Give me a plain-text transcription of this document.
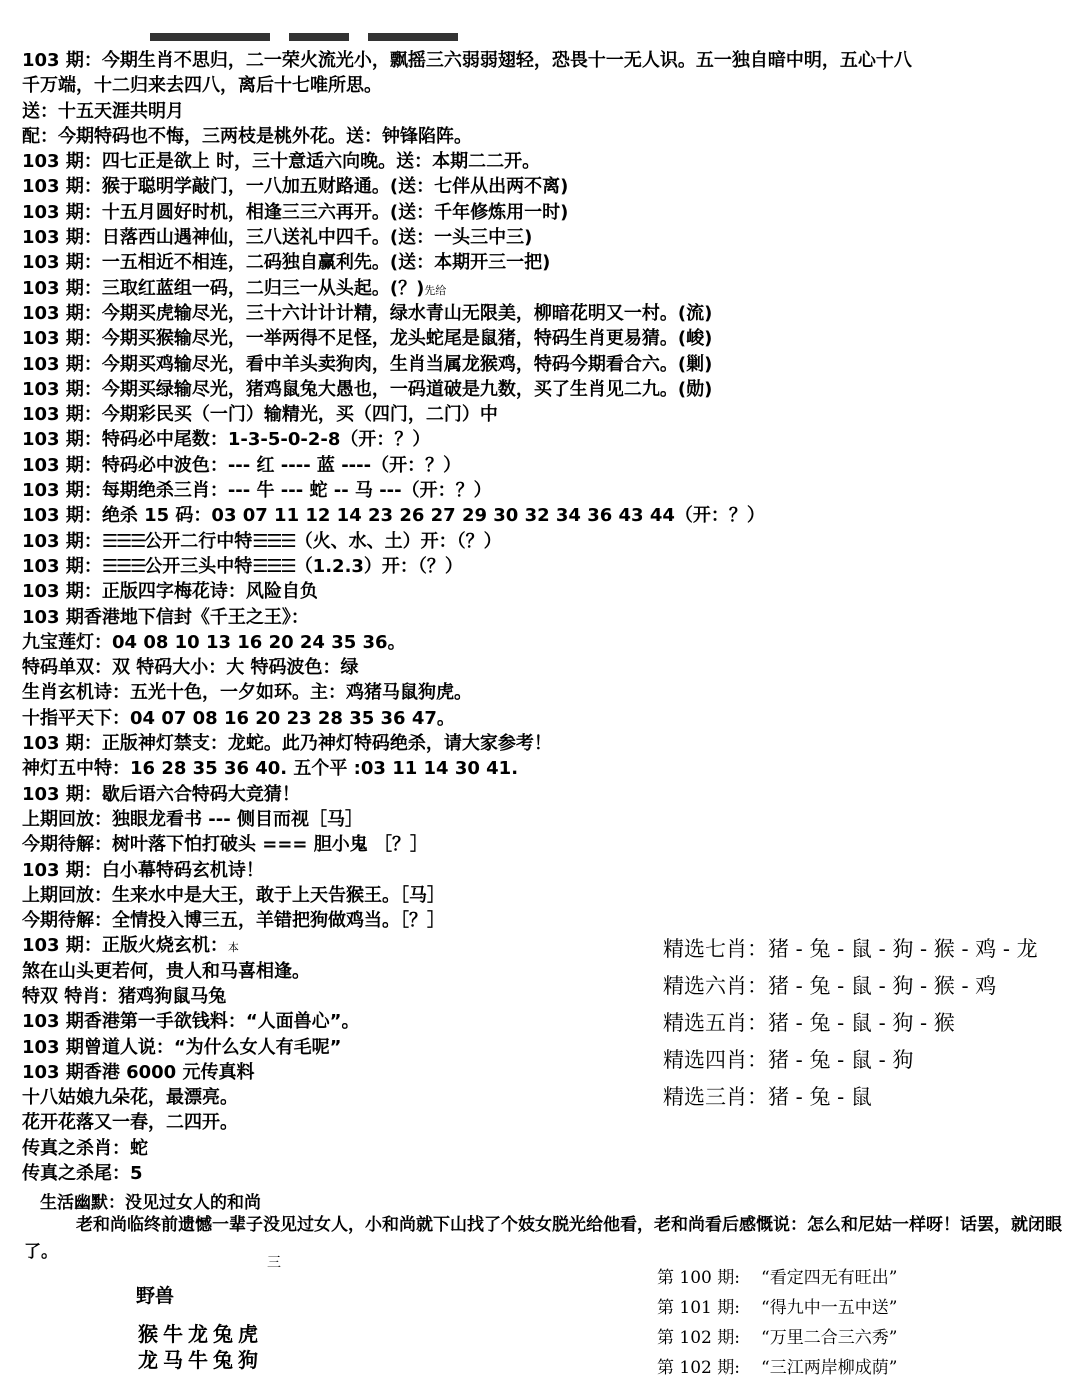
103 期：今期生肖不思归，二一荣火流光小，飘摇三六弱弱翅轻，恐畏十一无人识。五一独自暗中明，五心十八
千万端，十二归来去四八，离后十七唯所思。
送：十五天涯共明月
配：今期特码也不悔，三两枝是桃外花。送：钟锋陷阵。
103 期：四七正是欲上 时，三十意适六向晚。送：本期二二开。
103 期：猴于聪明学敲门，一八加五财路通。(送：七伴从出两不离)
103 期：十五月圆好时机，相逢三三六再开。(送：千年修炼用一时)
103 期：日落西山遇神仙，三八送礼中四千。(送：一头三中三)
103 期：一五相近不相连，二码独自赢利先。(送：本期开三一把)
103 期：三取红蓝组一码，二归三一从头起。(？)先给
103 期：今期买虎输尽光，三十六计计计精，绿水青山无限美，柳暗花明又一村。(流)
103 期：今期买猴输尽光，一举两得不足怪，龙头蛇尾是鼠猪，特码生肖更易猜。(峻)
103 期：今期买鸡输尽光，看中羊头卖狗肉，生肖当属龙猴鸡，特码今期看合六。(剿)
103 期：今期买绿输尽光，猪鸡鼠兔大愚也，一码道破是九数，买了生肖见二九。(勋)
103 期：今期彩民买（一门）输精光，买（四门，二门）中
103 期：特码必中尾数：1-3-5-0-2-8（开：？）
103 期：特码必中波色：--- 红 ---- 蓝 ----（开：？）
103 期：每期绝杀三肖：--- 牛 --- 蛇 -- 马 ---（开：？）
103 期：绝杀 15 码：03 07 11 12 14 23 26 27 29 30 32 34 36 43 44（开：？）
103 期：☰☰☰公开二行中特☰☰☰（火、水、土）开：（？）
103 期：☰☰☰公开三头中特☰☰☰（1.2.3）开：（？）
103 期：正版四字梅花诗：风险自负
103 期香港地下信封《千王之王》：
九宝莲灯：04 08 10 13 16 20 24 35 36。
特码单双：双 特码大小：大 特码波色：绿
生肖玄机诗：五光十色，一夕如环。主：鸡猪马鼠狗虎。
十指平天下：04 07 08 16 20 23 28 35 36 47。
103 期：正版神灯禁支：龙蛇。此乃神灯特码绝杀，请大家参考！
神灯五中特：16 28 35 36 40. 五个平 :03 11 14 30 41.
103 期：歇后语六合特码大竞猜！
上期回放：独眼龙看书 --- 侧目而视［马］
今期待解：树叶落下怕打破头 === 胆小鬼 ［？］
103 期：白小幕特码玄机诗！
上期回放：生来水中是大王，敢于上天告猴王。［马］
今期待解：全情投入博三五，羊错把狗做鸡当。［？］
103 期：正版火烧玄机：本
煞在山头更若何，贵人和马喜相逢。
特双 特肖：猪鸡狗鼠马兔
103 期香港第一手欲钱料：“人面兽心”。
103 期曾道人说：“为什么女人有毛呢”
103 期香港 6000 元传真料
十八姑娘九朵花，最漂亮。
花开花落又一春，二四开。
传真之杀肖：蛇
传真之杀尾：5
精选七肖：猪 - 兔 - 鼠 - 狗 - 猴 - 鸡 - 龙
精选六肖：猪 - 兔 - 鼠 - 狗 - 猴 - 鸡
精选五肖：猪 - 兔 - 鼠 - 狗 - 猴
精选四肖：猪 - 兔 - 鼠 - 狗
精选三肖：猪 - 兔 - 鼠
生活幽默：没见过女人的和尚
老和尚临终前遗憾一辈子没见过女人，小和尚就下山找了个妓女脱光给他看，老和尚看后感慨说：怎么和尼姑一样呀！话罢，就闭眼了。
三
野兽
猴牛龙兔虎
龙马牛兔狗
第 100 期: “看定四无有旺出”
第 101 期: “得九中一五中送”
第 102 期: “万里二合三六秀”
第 102 期: “三江两岸柳成荫”
